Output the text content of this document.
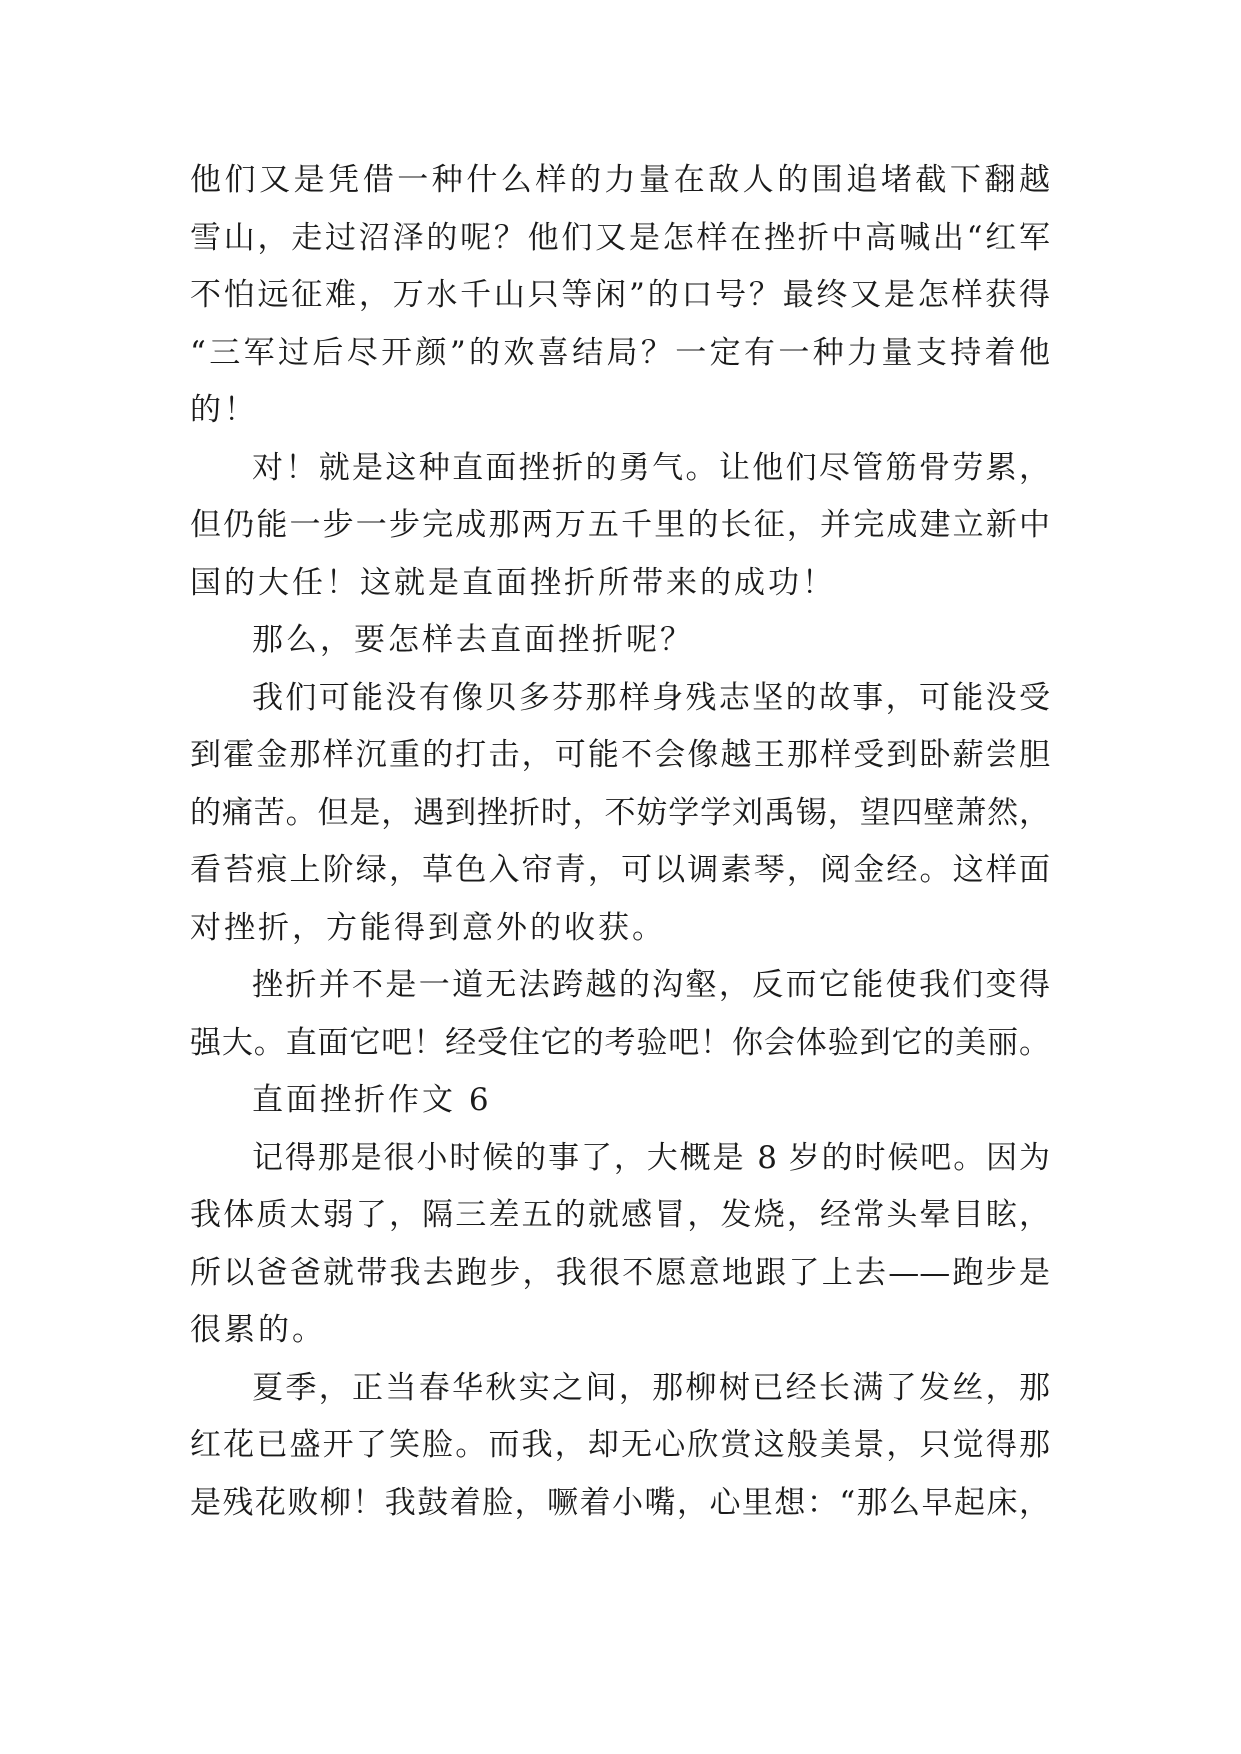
他们又是凭借一种什么样的力量在敌人的围追堵截下翻越
雪山，走过沼泽的呢？他们又是怎样在挫折中高喊出“红军
不怕远征难，万水千山只等闲”的口号？最终又是怎样获得
“三军过后尽开颜”的欢喜结局？一定有一种力量支持着他
的！
对！就是这种直面挫折的勇气。让他们尽管筋骨劳累，
但仍能一步一步完成那两万五千里的长征，并完成建立新中
国的大任！这就是直面挫折所带来的成功！
那么，要怎样去直面挫折呢？
我们可能没有像贝多芬那样身残志坚的故事，可能没受
到霍金那样沉重的打击，可能不会像越王那样受到卧薪尝胆
的痛苦。但是，遇到挫折时，不妨学学刘禹锡，望四壁萧然，
看苔痕上阶绿，草色入帘青，可以调素琴，阅金经。这样面
对挫折，方能得到意外的收获。
挫折并不是一道无法跨越的沟壑，反而它能使我们变得
强大。直面它吧！经受住它的考验吧！你会体验到它的美丽。
直面挫折作文 6
记得那是很小时候的事了，大概是 8 岁的时候吧。因为
我体质太弱了，隔三差五的就感冒，发烧，经常头晕目眩，
所以爸爸就带我去跑步，我很不愿意地跟了上去——跑步是
很累的。
夏季，正当春华秋实之间，那柳树已经长满了发丝，那
红花已盛开了笑脸。而我，却无心欣赏这般美景，只觉得那
是残花败柳！我鼓着脸，噘着小嘴，心里想：“那么早起床，
